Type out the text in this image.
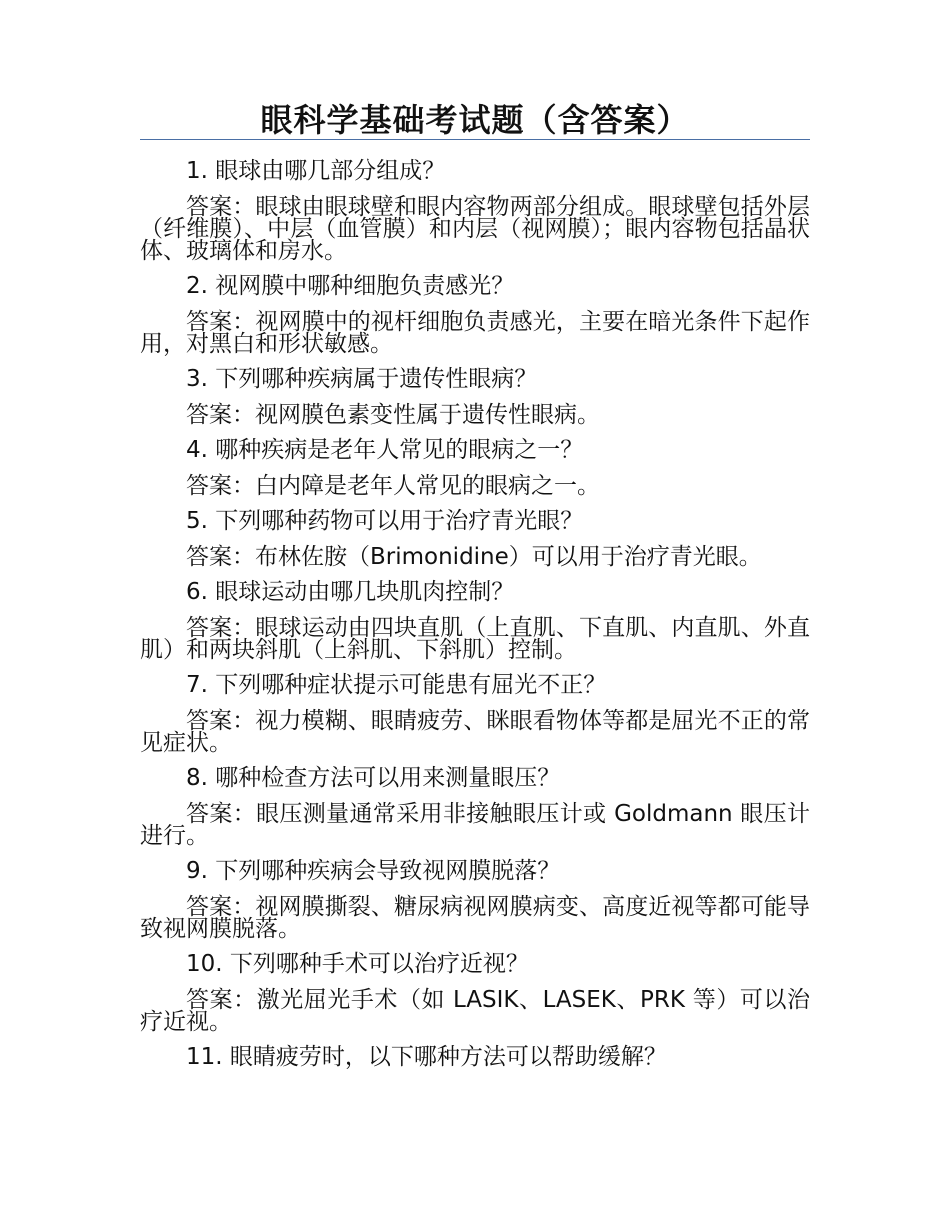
眼科学基础考试题（含答案）
1. 眼球由哪几部分组成？
答案：眼球由眼球壁和眼内容物两部分组成。眼球壁包括外层（纤维膜）、中层（血管膜）和内层（视网膜）；眼内容物包括晶状体、玻璃体和房水。
2. 视网膜中哪种细胞负责感光？
答案：视网膜中的视杆细胞负责感光，主要在暗光条件下起作用，对黑白和形状敏感。
3. 下列哪种疾病属于遗传性眼病？
答案：视网膜色素变性属于遗传性眼病。
4. 哪种疾病是老年人常见的眼病之一？
答案：白内障是老年人常见的眼病之一。
5. 下列哪种药物可以用于治疗青光眼？
答案：布林佐胺（Brimonidine）可以用于治疗青光眼。
6. 眼球运动由哪几块肌肉控制？
答案：眼球运动由四块直肌（上直肌、下直肌、内直肌、外直肌）和两块斜肌（上斜肌、下斜肌）控制。
7. 下列哪种症状提示可能患有屈光不正？
答案：视力模糊、眼睛疲劳、眯眼看物体等都是屈光不正的常见症状。
8. 哪种检查方法可以用来测量眼压？
答案：眼压测量通常采用非接触眼压计或 Goldmann 眼压计进行。
9. 下列哪种疾病会导致视网膜脱落？
答案：视网膜撕裂、糖尿病视网膜病变、高度近视等都可能导致视网膜脱落。
10. 下列哪种手术可以治疗近视？
答案：激光屈光手术（如 LASIK、LASEK、PRK 等）可以治疗近视。
11. 眼睛疲劳时，以下哪种方法可以帮助缓解？
